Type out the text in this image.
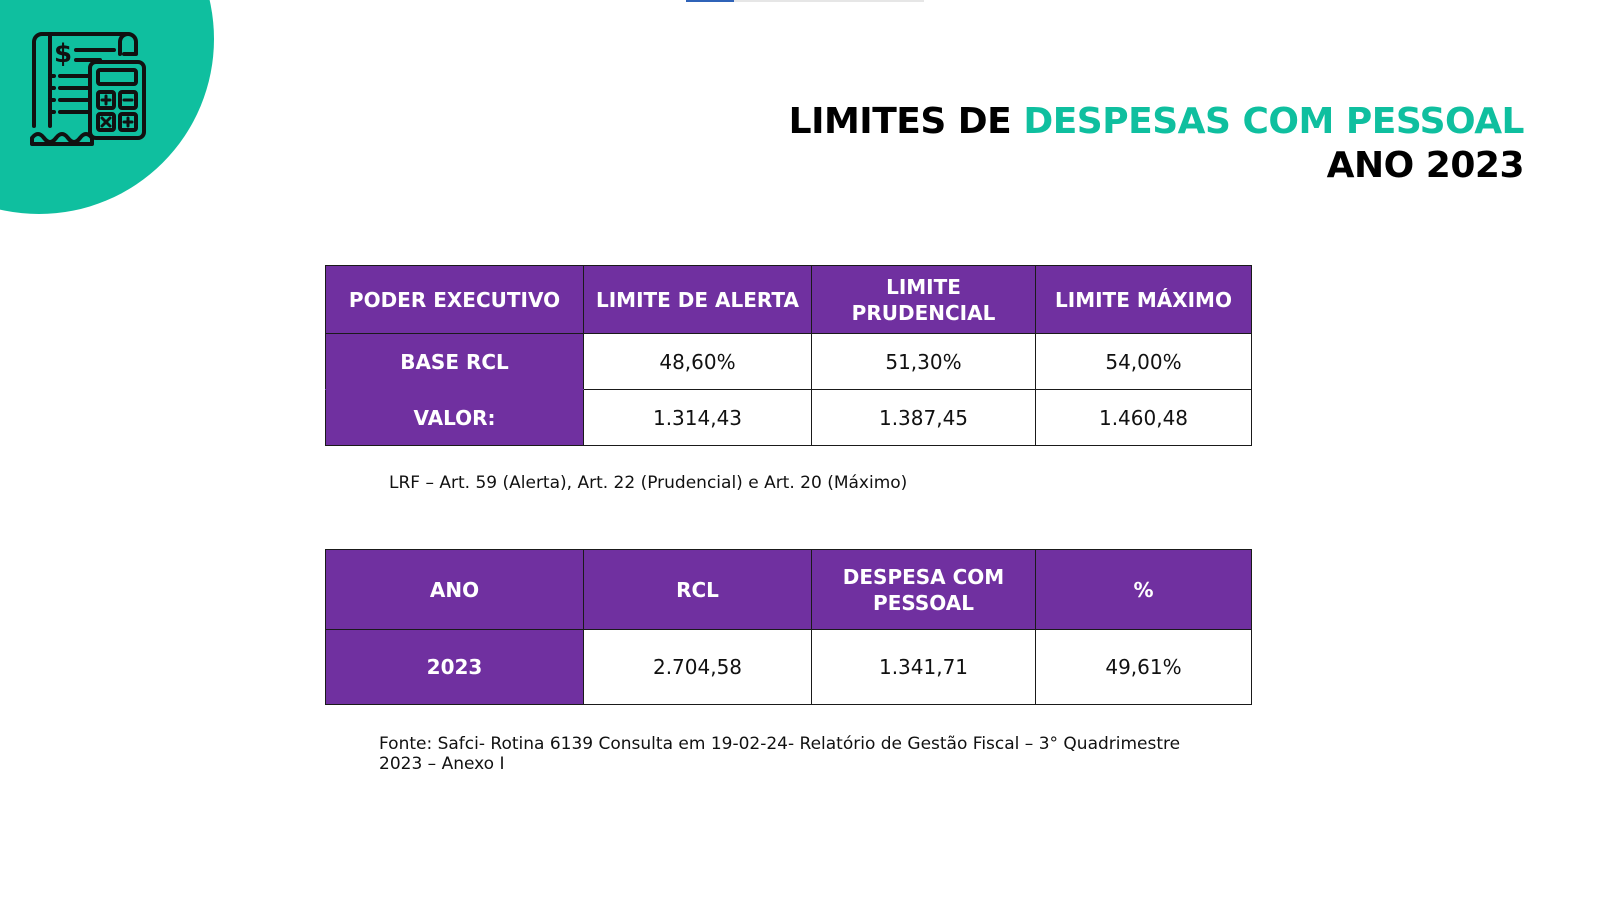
$
LIMITES DE DESPESAS COM PESSOAL
ANO 2023
PODER EXECUTIVO	LIMITE DE ALERTA	LIMITE PRUDENCIAL	LIMITE MÁXIMO
BASE RCL	48,60%	51,30%	54,00%
VALOR:	1.314,43	1.387,45	1.460,48
LRF – Art. 59 (Alerta), Art. 22 (Prudencial) e Art. 20 (Máximo)
ANO	RCL	DESPESA COM PESSOAL	%
2023	2.704,58	1.341,71	49,61%
Fonte: Safci- Rotina 6139 Consulta em 19-02-24- Relatório de Gestão Fiscal – 3° Quadrimestre 2023 – Anexo I
